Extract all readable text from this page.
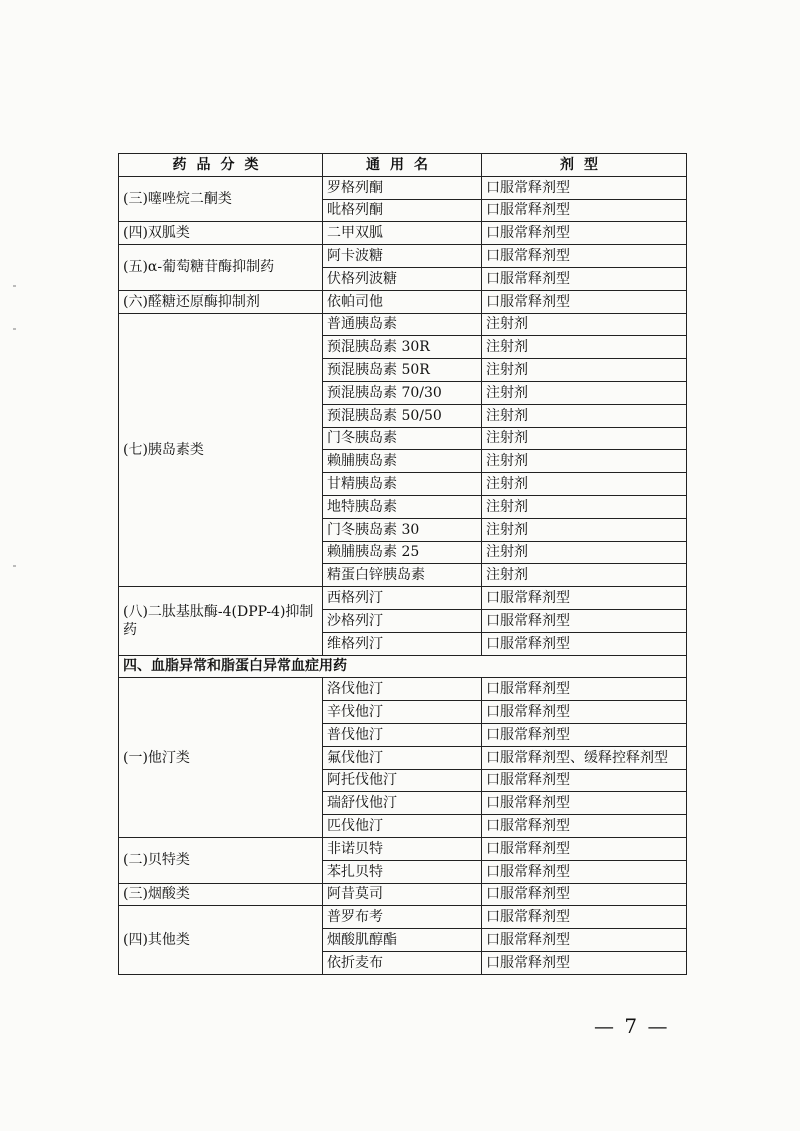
药品分类	通用名	剂型
(三)噻唑烷二酮类	罗格列酮	口服常释剂型
	吡格列酮	口服常释剂型
(四)双胍类	二甲双胍	口服常释剂型
(五)α-葡萄糖苷酶抑制药	阿卡波糖	口服常释剂型
	伏格列波糖	口服常释剂型
(六)醛糖还原酶抑制剂	依帕司他	口服常释剂型
(七)胰岛素类	普通胰岛素	注射剂
	预混胰岛素 30R	注射剂
	预混胰岛素 50R	注射剂
	预混胰岛素 70/30	注射剂
	预混胰岛素 50/50	注射剂
	门冬胰岛素	注射剂
	赖脯胰岛素	注射剂
	甘精胰岛素	注射剂
	地特胰岛素	注射剂
	门冬胰岛素 30	注射剂
	赖脯胰岛素 25	注射剂
	精蛋白锌胰岛素	注射剂
(八)二肽基肽酶-4(DPP-4)抑制药	西格列汀	口服常释剂型
	沙格列汀	口服常释剂型
	维格列汀	口服常释剂型
四、血脂异常和脂蛋白异常血症用药		
(一)他汀类	洛伐他汀	口服常释剂型
	辛伐他汀	口服常释剂型
	普伐他汀	口服常释剂型
	氟伐他汀	口服常释剂型、缓释控释剂型
	阿托伐他汀	口服常释剂型
	瑞舒伐他汀	口服常释剂型
	匹伐他汀	口服常释剂型
(二)贝特类	非诺贝特	口服常释剂型
	苯扎贝特	口服常释剂型
(三)烟酸类	阿昔莫司	口服常释剂型
(四)其他类	普罗布考	口服常释剂型
	烟酸肌醇酯	口服常释剂型
	依折麦布	口服常释剂型
— 7 —
